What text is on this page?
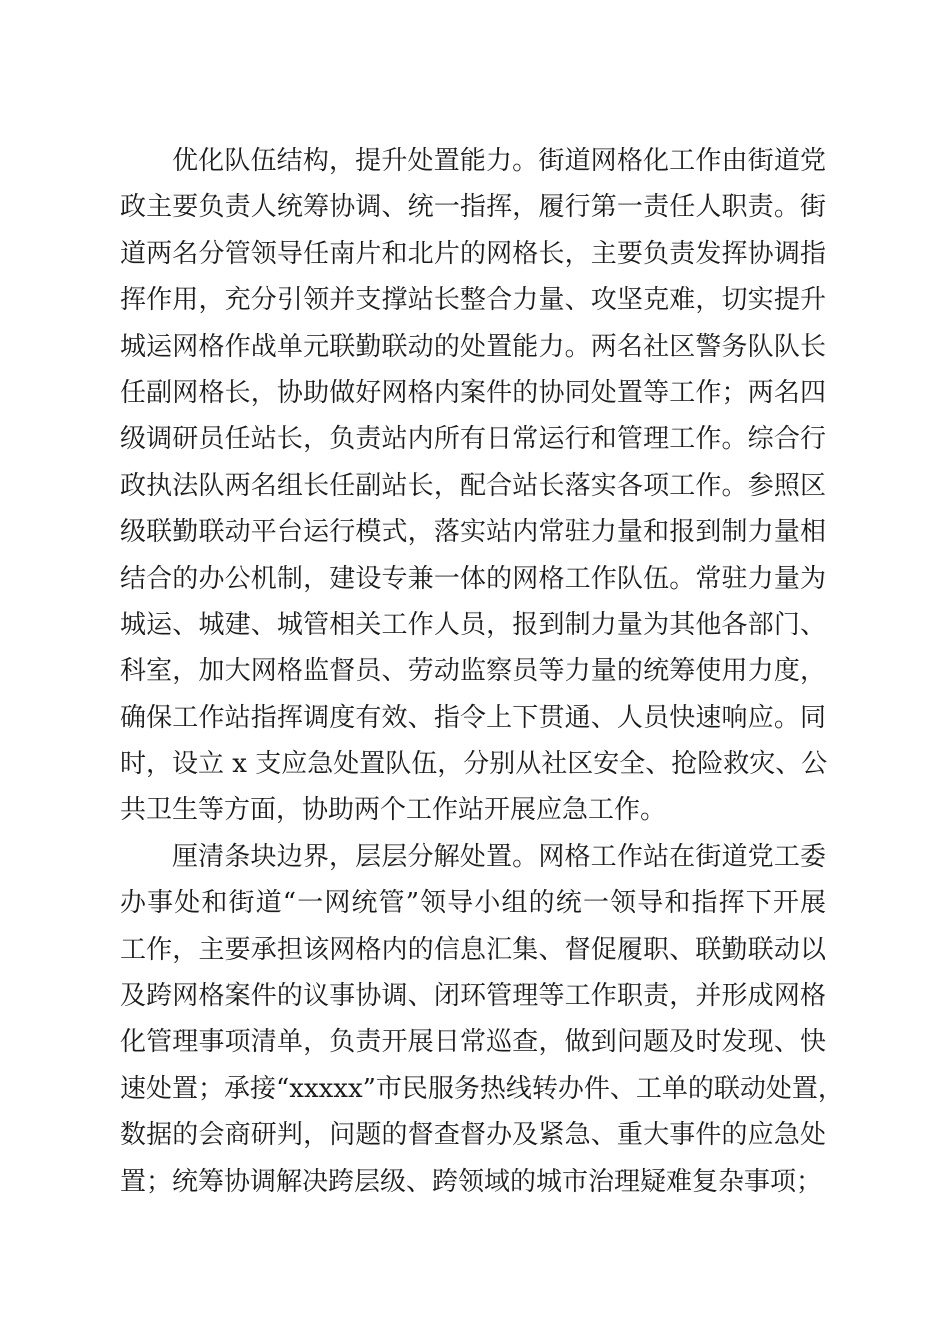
优化队伍结构，提升处置能力。街道网格化工作由街道党
政主要负责人统筹协调、统一指挥，履行第一责任人职责。街
道两名分管领导任南片和北片的网格长，主要负责发挥协调指
挥作用，充分引领并支撑站长整合力量、攻坚克难，切实提升
城运网格作战单元联勤联动的处置能力。两名社区警务队队长
任副网格长，协助做好网格内案件的协同处置等工作；两名四
级调研员任站长，负责站内所有日常运行和管理工作。综合行
政执法队两名组长任副站长，配合站长落实各项工作。参照区
级联勤联动平台运行模式，落实站内常驻力量和报到制力量相
结合的办公机制，建设专兼一体的网格工作队伍。常驻力量为
城运、城建、城管相关工作人员，报到制力量为其他各部门、
科室，加大网格监督员、劳动监察员等力量的统筹使用力度，
确保工作站指挥调度有效、指令上下贯通、人员快速响应。同
时，设立 x 支应急处置队伍，分别从社区安全、抢险救灾、公
共卫生等方面，协助两个工作站开展应急工作。
厘清条块边界，层层分解处置。网格工作站在街道党工委
办事处和街道“一网统管”领导小组的统一领导和指挥下开展
工作，主要承担该网格内的信息汇集、督促履职、联勤联动以
及跨网格案件的议事协调、闭环管理等工作职责，并形成网格
化管理事项清单，负责开展日常巡查，做到问题及时发现、快
速处置；承接“xxxxx”市民服务热线转办件、工单的联动处置，
数据的会商研判，问题的督查督办及紧急、重大事件的应急处
置；统筹协调解决跨层级、跨领域的城市治理疑难复杂事项；
